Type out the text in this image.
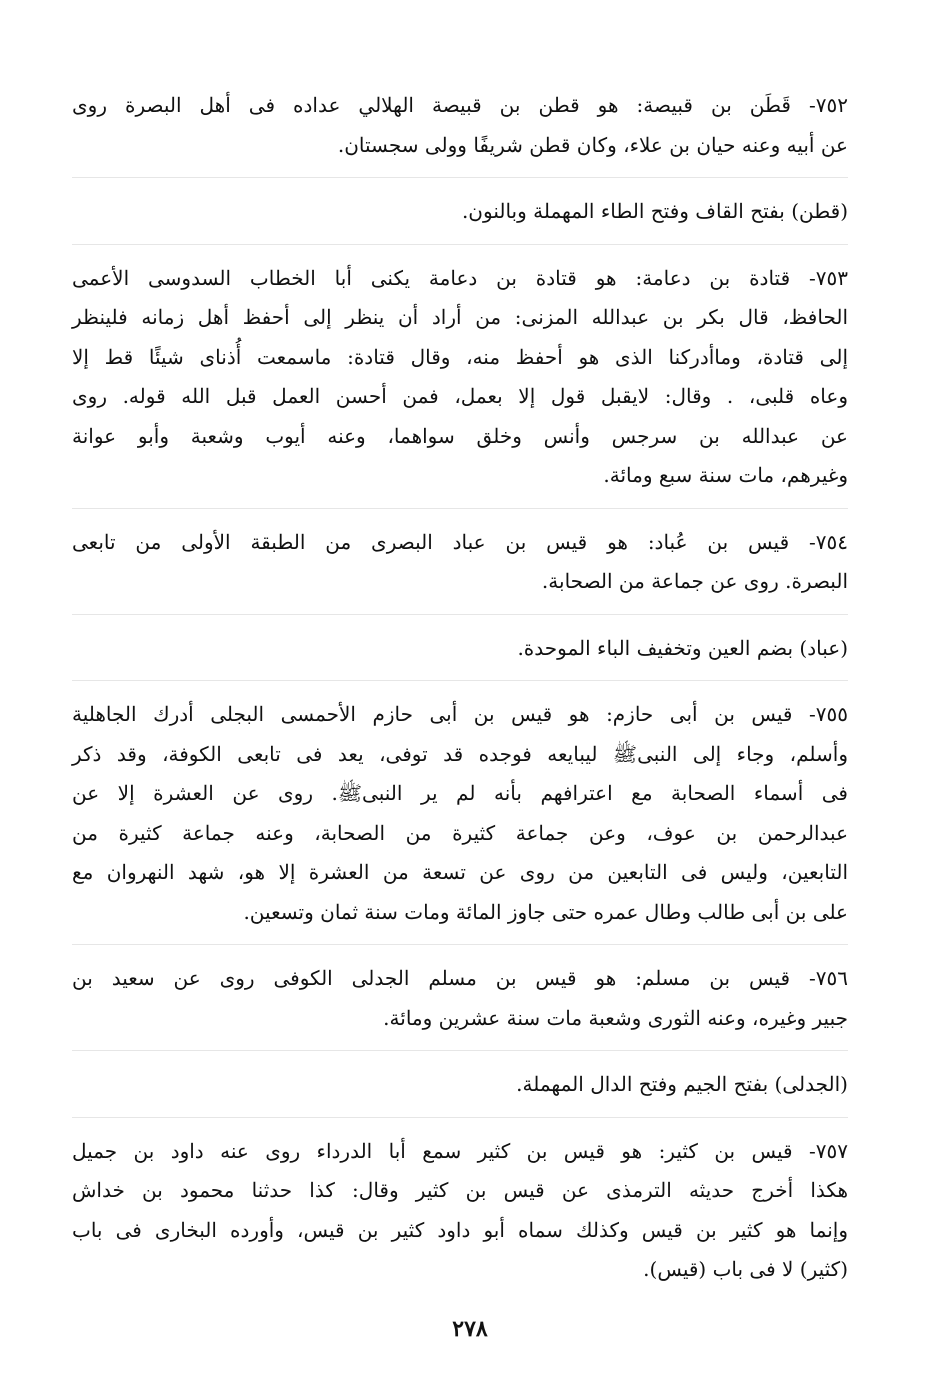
٧٥٢- قَطَن بن قبيصة: هو قطن بن قبيصة الهلالي عداده فى أهل البصرة روى
عن أبيه وعنه حيان بن علاء، وكان قطن شريفًا وولى سجستان.
(قطن) بفتح القاف وفتح الطاء المهملة وبالنون.
٧٥٣- قتادة بن دعامة: هو قتادة بن دعامة يكنى أبا الخطاب السدوسى الأعمى
الحافظ، قال بكر بن عبدالله المزنى: من أراد أن ينظر إلى أحفظ أهل زمانه فلينظر
إلى قتادة، وماأدركنا الذى هو أحفظ منه، وقال قتادة: ماسمعت أُذناى شيئًا قط إلا
وعاه قلبى، . وقال: لايقبل قول إلا بعمل، فمن أحسن العمل قبل الله قوله. روى
عن عبدالله بن سرجس وأنس وخلق سواهما، وعنه أيوب وشعبة وأبو عوانة
وغيرهم، مات سنة سبع ومائة.
٧٥٤- قيس بن عُباد: هو قيس بن عباد البصرى من الطبقة الأولى من تابعى
البصرة. روى عن جماعة من الصحابة.
(عباد) بضم العين وتخفيف الباء الموحدة.
٧٥٥- قيس بن أبى حازم: هو قيس بن أبى حازم الأحمسى البجلى أدرك الجاهلية
وأسلم، وجاء إلى النبىﷺ ليبايعه فوجده قد توفى، يعد فى تابعى الكوفة، وقد ذكر
فى أسماء الصحابة مع اعترافهم بأنه لم ير النبىﷺ. روى عن العشرة إلا عن
عبدالرحمن بن عوف، وعن جماعة كثيرة من الصحابة، وعنه جماعة كثيرة من
التابعين، وليس فى التابعين من روى عن تسعة من العشرة إلا هو، شهد النهروان مع
على بن أبى طالب وطال عمره حتى جاوز المائة ومات سنة ثمان وتسعين.
٧٥٦- قيس بن مسلم: هو قيس بن مسلم الجدلى الكوفى روى عن سعيد بن
جبير وغيره، وعنه الثورى وشعبة مات سنة عشرين ومائة.
(الجدلى) بفتح الجيم وفتح الدال المهملة.
٧٥٧- قيس بن كثير: هو قيس بن كثير سمع أبا الدرداء روى عنه داود بن جميل
هكذا أخرج حديثه الترمذى عن قيس بن كثير وقال: كذا حدثنا محمود بن خداش
وإنما هو كثير بن قيس وكذلك سماه أبو داود كثير بن قيس، وأورده البخارى فى باب
(كثير) لا فى باب (قيس).
٢٧٨
